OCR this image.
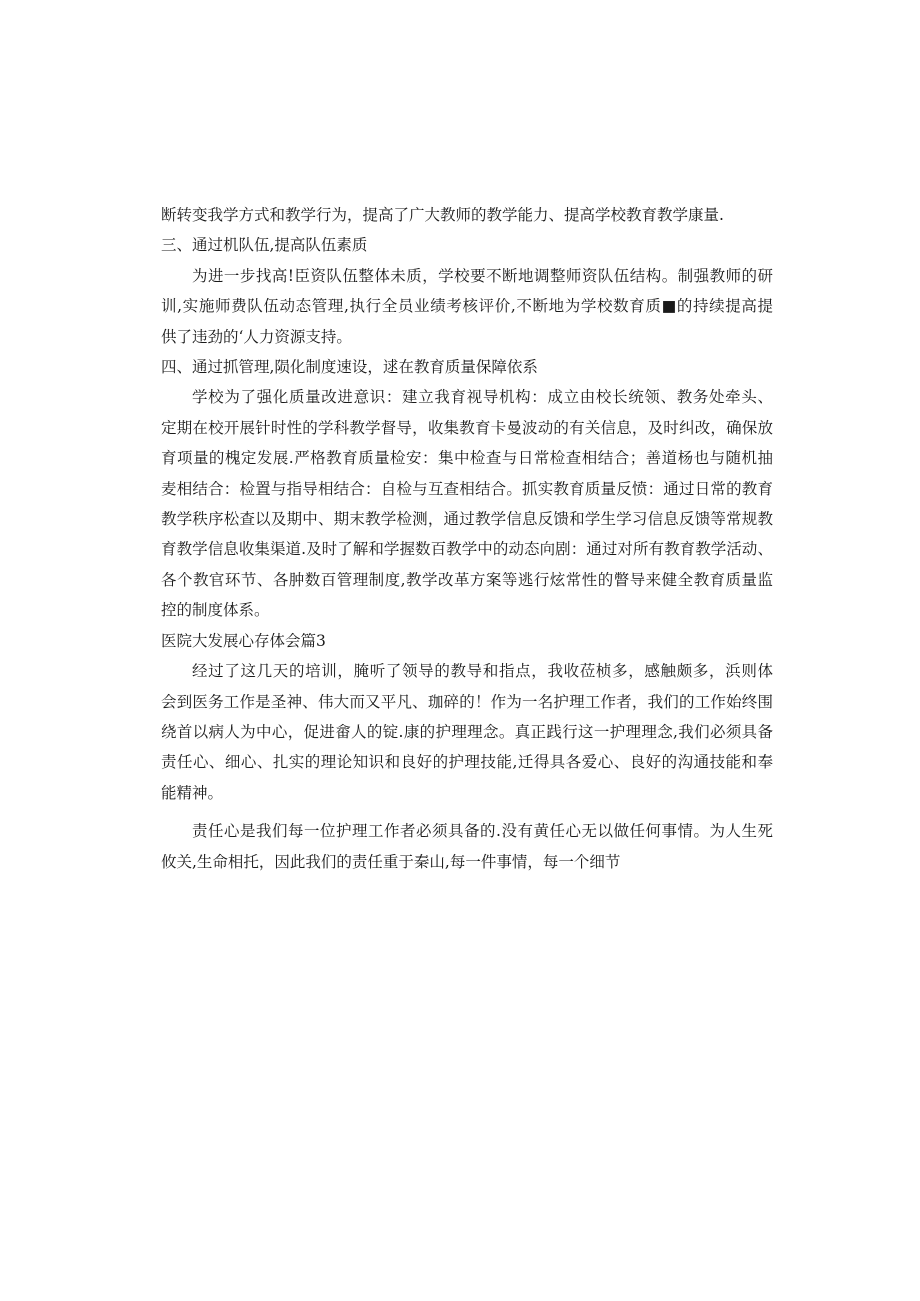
断转变我学方式和教学行为，提高了广大教师的教学能力、提高学校教育教学康量.

三、通过机队伍,提高队伍素质

为进一步找高!臣资队伍整体未质，学校要不断地调整师资队伍结构。制强教师的研
训,实施师费队伍动态管理,执行全员业绩考核评价,不断地为学校数育质■的持续提高提
供了违劲的‘人力资源支持。

四、通过抓管理,陨化制度速设，逑在教育质量保障依系

学校为了强化质量改进意识：建立我育视导机构：成立由校长统领、教务处牵头、
定期在校开展针时性的学科教学督导，收集教育卡曼波动的有关信息，及时纠改，确保放
育项量的槐定发展.严格教育质量检安：集中检查与日常检查相结合；善道杨也与随机抽
麦相结合：检置与指导相结合：自检与互查相结合。抓实教育质量反愤：通过日常的教育
教学秩序松查以及期中、期末教学检测，通过教学信息反馈和学生学习信息反馈等常规教
育教学信息收集渠道.及时了解和学握数百教学中的动态向剧：通过对所有教育教学活动、
各个教官环节、各肿数百管理制度,教学改革方案等逃行炫常性的瞥导来健全教育质量监
控的制度体系。

医院大发展心存体会篇3

经过了这几天的培训，腌听了领导的教导和指点，我收莅桢多，感触颇多，浜则体
会到医务工作是圣神、伟大而又平凡、珈碎的！作为一名护理工作者，我们的工作始终围
绕首以病人为中心，促进畲人的锭.康的护理理念。真正践行这一护理理念,我们必须具备
责任心、细心、扎实的理论知识和良好的护理技能,迁得具各爱心、良好的沟通技能和奉
能精神。

责任心是我们每一位护理工作者必须具备的.没有黄任心无以做任何事情。为人生死
攸关,生命相托，因此我们的责任重于秦山,每一件事情，每一个细节
